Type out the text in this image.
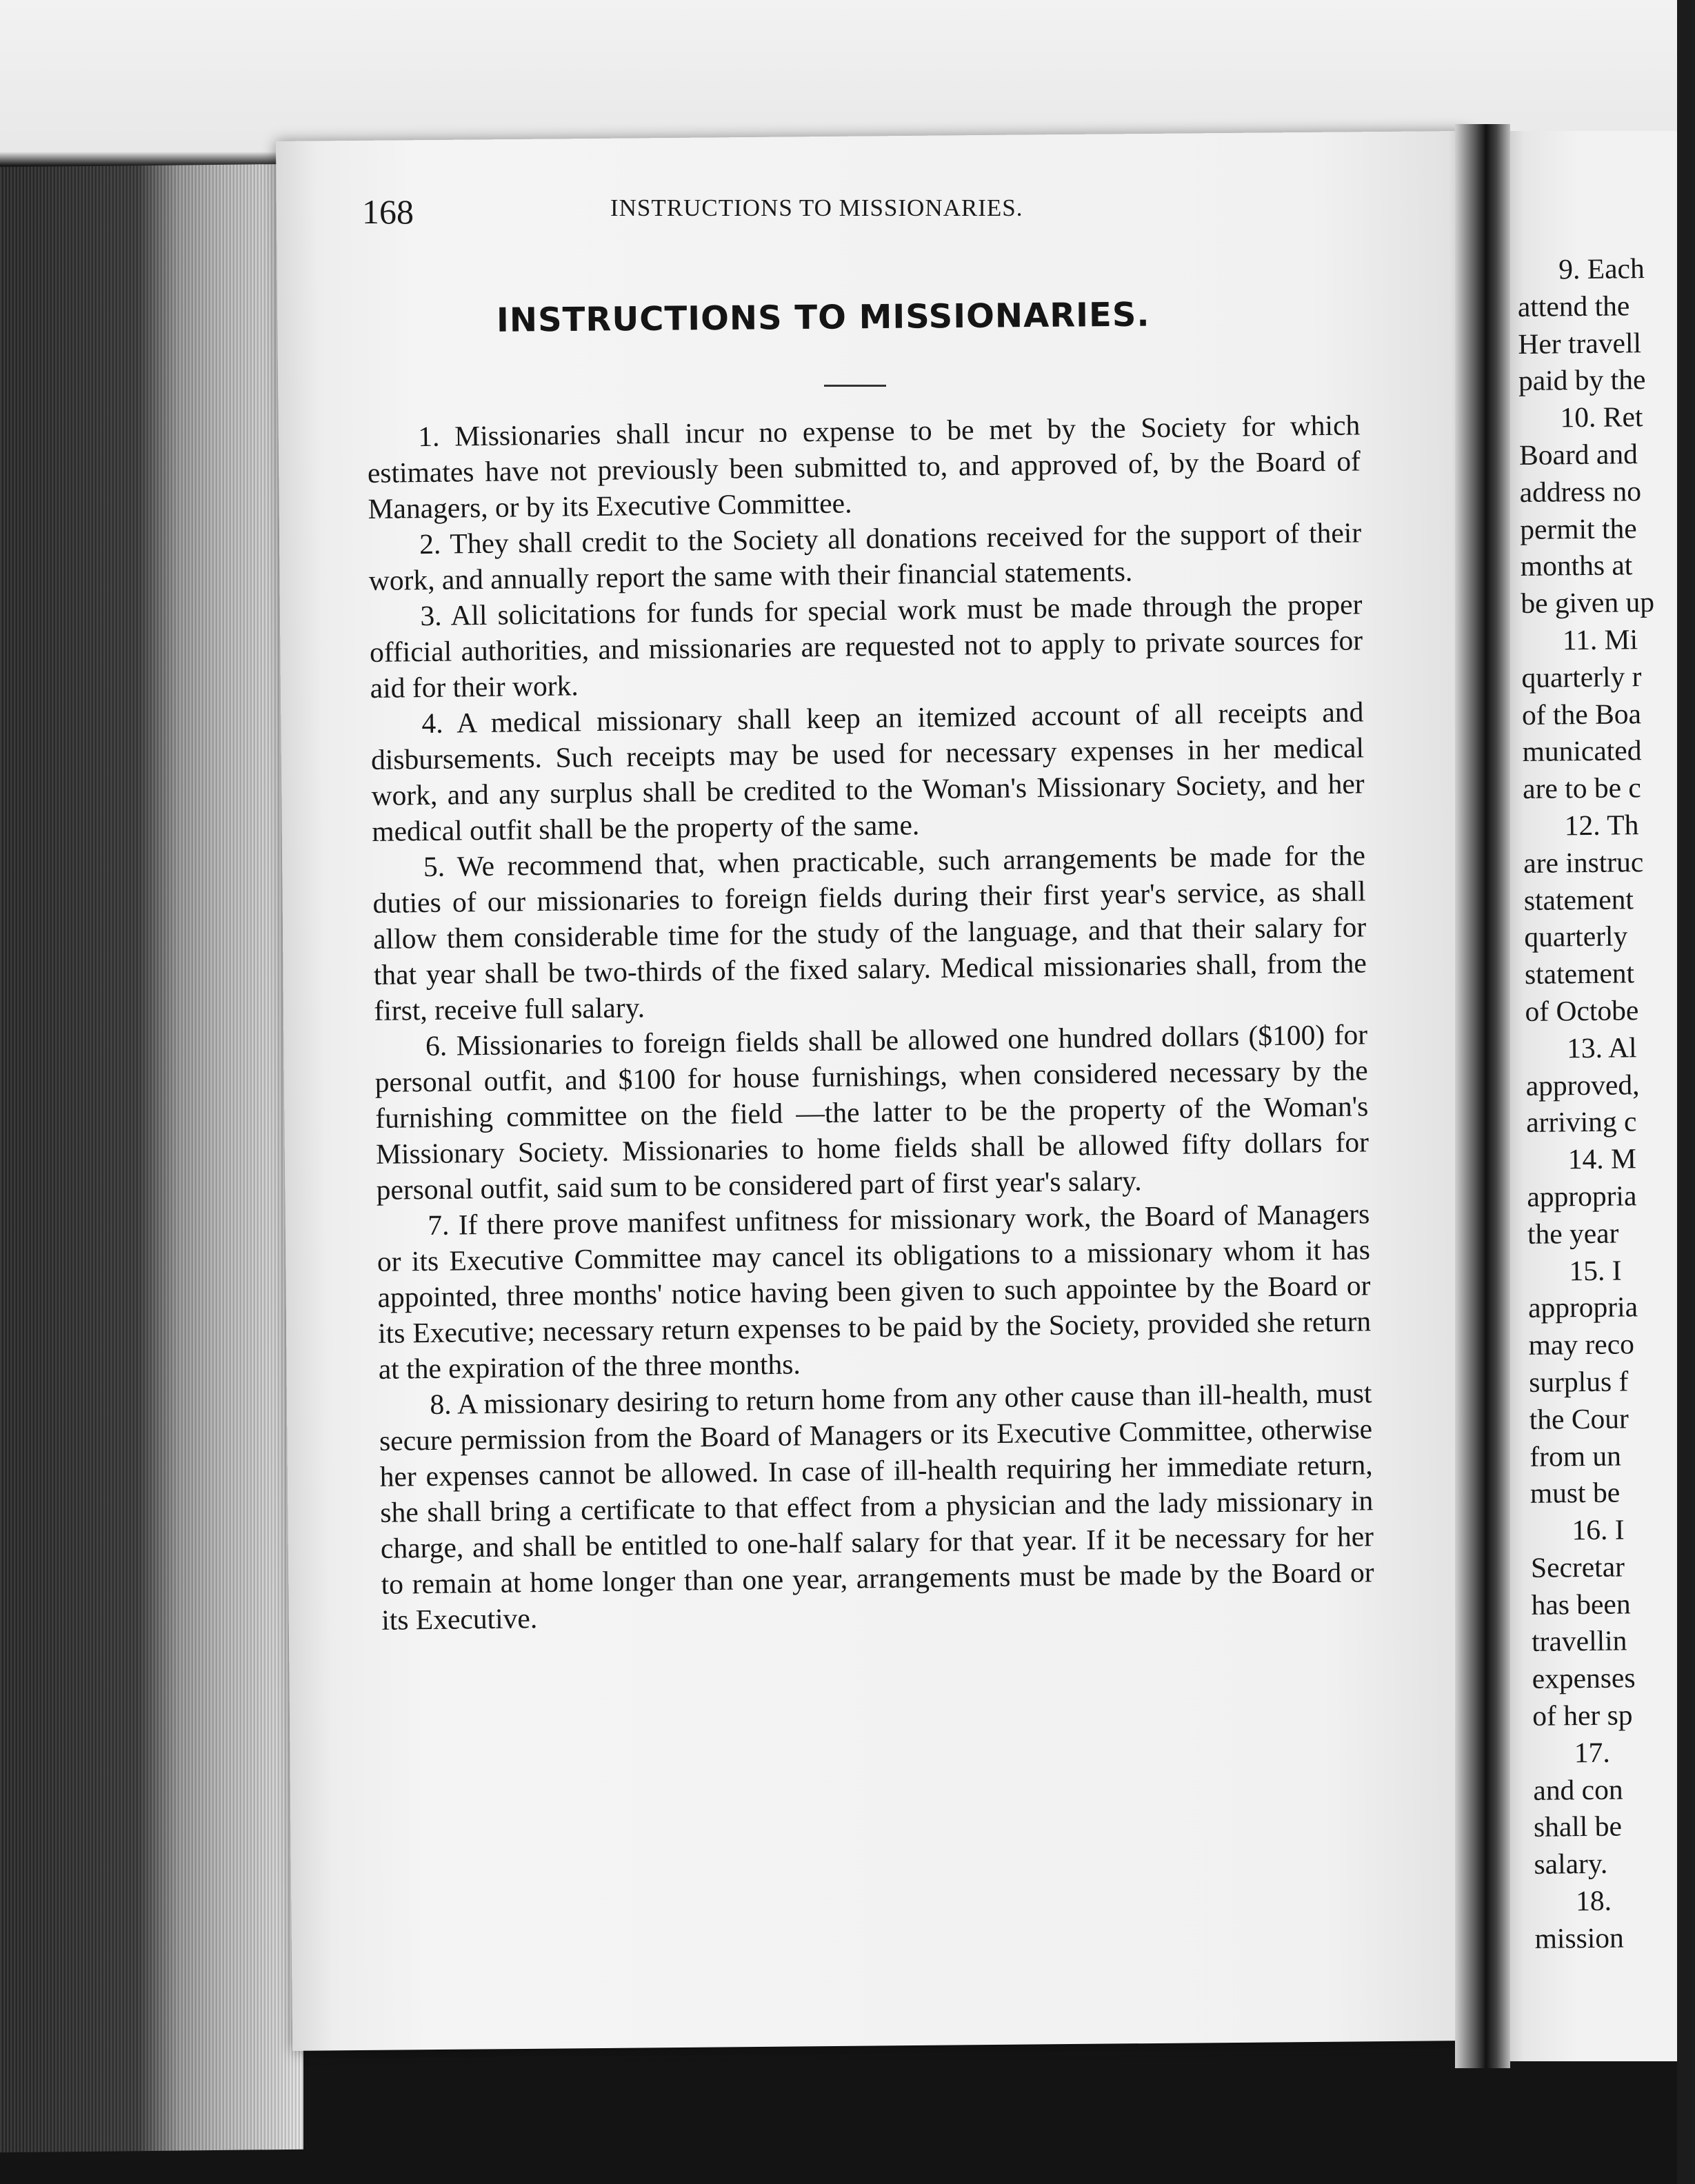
168	INSTRUCTIONS TO MISSIONARIES.
INSTRUCTIONS TO MISSIONARIES.

1. Missionaries shall incur no expense to be met by the Society for which estimates have not previously been submitted to, and approved of, by the Board of Managers, or by its Executive Committee.

2. They shall credit to the Society all donations received for the support of their work, and annually report the same with their financial statements.

3. All solicitations for funds for special work must be made through the proper official authorities, and missionaries are requested not to apply to private sources for aid for their work.

4. A medical missionary shall keep an itemized account of all receipts and disbursements. Such receipts may be used for necessary expenses in her medical work, and any surplus shall be credited to the Woman's Missionary Society, and her medical outfit shall be the property of the same.

5. We recommend that, when practicable, such arrangements be made for the duties of our missionaries to foreign fields during their first year's service, as shall allow them considerable time for the study of the language, and that their salary for that year shall be two-thirds of the fixed salary. Medical missionaries shall, from the first, receive full salary.

6. Missionaries to foreign fields shall be allowed one hundred dollars ($100) for personal outfit, and $100 for house furnishings, when considered necessary by the furnishing committee on the field —the latter to be the property of the Woman's Missionary Society. Missionaries to home fields shall be allowed fifty dollars for personal outfit, said sum to be considered part of first year's salary.

7. If there prove manifest unfitness for missionary work, the Board of Managers or its Executive Committee may cancel its obligations to a missionary whom it has appointed, three months' notice having been given to such appointee by the Board or its Executive; necessary return expenses to be paid by the Society, provided she return at the expiration of the three months.

8. A missionary desiring to return home from any other cause than ill-health, must secure permission from the Board of Managers or its Executive Committee, otherwise her expenses cannot be allowed. In case of ill-health requiring her immediate return, she shall bring a certificate to that effect from a physician and the lady missionary in charge, and shall be entitled to one-half salary for that year. If it be necessary for her to remain at home longer than one year, arrangements must be made by the Board or its Executive.

9. Each
attend the
Her travell
paid by the
10. Ret
Board and
address no
permit the
months at
be given up
11. Mi
quarterly r
of the Boa
municated
are to be c
12. Th
are instruc
statement
quarterly
statement
of Octobe
13. Al
approved,
arriving c
14. M
appropria
the year
15. I
appropria
may reco
surplus f
the Cour
from un
must be
16. I
Secretar
has been
travellin
expenses
of her sp
17.
and con
shall be
salary.
18.
mission
